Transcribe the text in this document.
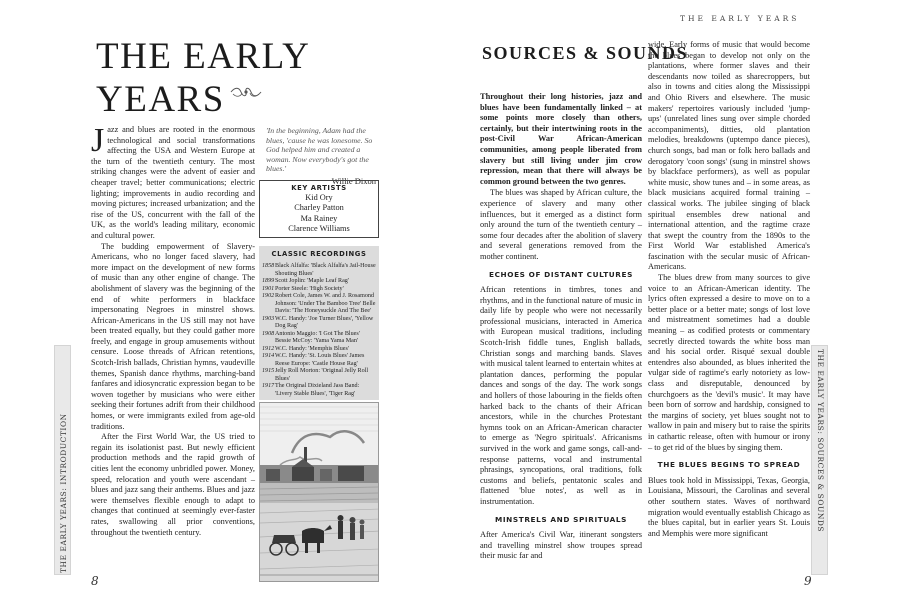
THE EARLY YEARS: INTRODUCTION
THE EARLY YEARS

Jazz and blues are rooted in the enormous technological and social transformations affecting the USA and Western Europe at the turn of the twentieth century. The most striking changes were the advent of easier and cheaper travel; better communications; electric lighting; improvements in audio recording and moving pictures; increased urbanization; and the rise of the US, concurrent with the fall of the UK, as the world's leading military, economic and cultural power.

The budding empowerment of Slavery-Americans, who no longer faced slavery, had more impact on the development of new forms of music than any other engine of change. The abolishment of slavery was the beginning of the end of white performers in blackface impersonating Negroes in minstrel shows. African-Americans in the US still may not have been treated equally, but they could gather more freely, and engage in group amusements without censure. Loose threads of African retentions, Scotch-Irish ballads, Christian hymns, vaudeville themes, Spanish dance rhythms, marching-band fanfares and idiosyncratic expression began to be woven together by musicians who were either seeking their fortunes adrift from their childhood homes, or were immigrants exiled from age-old traditions.

After the First World War, the US tried to regain its isolationist past. But newly efficient production methods and the rapid growth of cities lent the economy unbridled power. Money, speed, relocation and youth were ascendant – blues and jazz sang their anthems. Blues and jazz were themselves flexible enough to adapt to changes that continued at seemingly ever-faster rates, swallowing all prior conventions, throughout the twentieth century.

'In the beginning, Adam had the blues, 'cause he was lonesome. So God helped him and created a woman. Now everybody's got the blues.'
Willie Dixon
KEY ARTISTS
Kid Ory
Charley Patton
Ma Rainey
Clarence Williams
CLASSIC RECORDINGS
1858 Black Alfalfa: 'Black Alfalfa's Jail-House Shouting Blues'
1899 Scott Joplin: 'Maple Leaf Rag'
1901 Porter Steele: 'High Society'
1902 Robert Cole, James W. and J. Rosamond Johnson: 'Under The Bamboo Tree' Belle Davis: 'The Honeysuckle And The Bee'
1903 W.C. Handy: 'Joe Turner Blues', 'Yellow Dog Rag'
1908 Antonio Maggio: 'I Got The Blues' Bessie McCoy: 'Yama Yama Man'
1912 W.C. Handy: 'Memphis Blues'
1914 W.C. Handy: 'St. Louis Blues' James Reese Europe: 'Castle House Rag'
1915 Jelly Roll Morton: 'Original Jelly Roll Blues'
1917 The Original Dixieland Jass Band: 'Livery Stable Blues', 'Tiger Rag'
8
THE EARLY YEARS
SOURCES & SOUNDS
Throughout their long histories, jazz and blues have been fundamentally linked – at some points more closely than others, certainly, but their intertwining roots in the post-Civil War African-American communities, among people liberated from slavery but still living under jim crow repression, mean that there will always be common ground between the two genres.

The blues was shaped by African culture, the experience of slavery and many other influences, but it emerged as a distinct form only around the turn of the twentieth century – some four decades after the abolition of slavery and several generations removed from the mother continent.

ECHOES OF DISTANT CULTURES

African retentions in timbres, tones and rhythms, and in the functional nature of music in daily life by people who were not necessarily professional musicians, interacted in America with European musical traditions, including Scotch-Irish fiddle tunes, English ballads, Christian songs and marching bands. Slaves with musical talent learned to entertain whites at plantation dances, performing the popular dances and songs of the day. The work songs and hollers of those labouring in the fields often harked back to the chants of their African ancestors, while in the churches Protestant hymns took on an African-American character to emerge as 'Negro spirituals'. Africanisms survived in the work and game songs, call-and-response patterns, vocal and instrumental phrasings, syncopations, oral traditions, folk customs and beliefs, pentatonic scales and flattened 'blue notes', as well as in instrumentation.

MINSTRELS AND SPIRITUALS

After America's Civil War, itinerant songsters and travelling minstrel show troupes spread their music far and

wide. Early forms of music that would become the blues began to develop not only on the plantations, where former slaves and their descendants now toiled as sharecroppers, but also in towns and cities along the Mississippi and Ohio Rivers and elsewhere. The music makers' repertoires variously included 'jump-ups' (unrelated lines sung over simple chorded accompaniments), ditties, old plantation melodies, breakdowns (uptempo dance pieces), church songs, bad man or folk hero ballads and derogatory 'coon songs' (sung in minstrel shows by blackface performers), as well as popular white music, show tunes and – in some areas, as black musicians acquired formal training – classical works. The jubilee singing of black spiritual ensembles drew national and international attention, and the ragtime craze that swept the country from the 1890s to the First World War established America's fascination with the secular music of African-Americans.

The blues drew from many sources to give voice to an African-American identity. The lyrics often expressed a desire to move on to a better place or a better mate; songs of lost love and mistreatment sometimes had a double meaning – as codified protests or commentary secretly directed towards the white boss man and his social order. Risqué sexual double entendres also abounded, as blues inherited the vulgar side of ragtime's early notoriety as low-class and disreputable, denounced by churchgoers as the 'devil's music'. It may have been born of sorrow and hardship, consigned to the margins of society, yet blues sought not to wallow in pain and misery but to raise the spirits in cathartic release, often with humour or irony – to get rid of the blues by singing them.

THE BLUES BEGINS TO SPREAD

Blues took hold in Mississippi, Texas, Georgia, Louisiana, Missouri, the Carolinas and several other southern states. Waves of northward migration would eventually establish Chicago as the blues capital, but in earlier years St. Louis and Memphis were more significant

THE EARLY YEARS: SOURCES & SOUNDS
9
